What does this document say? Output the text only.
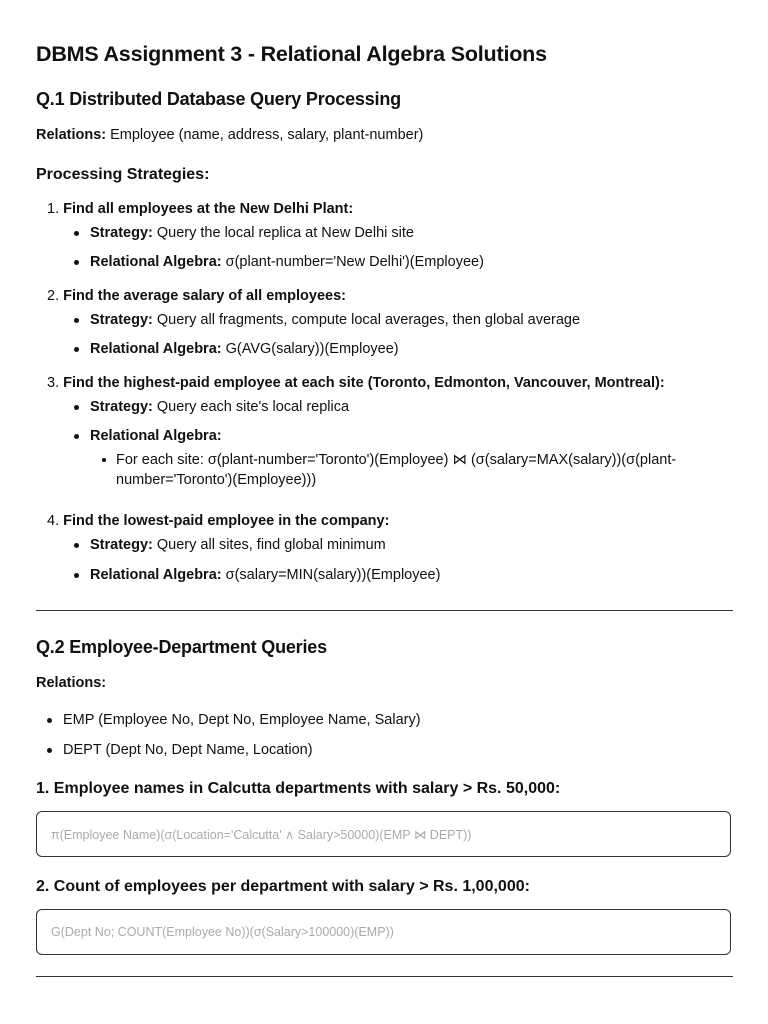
DBMS Assignment 3 - Relational Algebra Solutions
Q.1 Distributed Database Query Processing
Relations: Employee (name, address, salary, plant-number)
Processing Strategies:
1. Find all employees at the New Delhi Plant:
Strategy: Query the local replica at New Delhi site
Relational Algebra: σ(plant-number='New Delhi')(Employee)
2. Find the average salary of all employees:
Strategy: Query all fragments, compute local averages, then global average
Relational Algebra: G(AVG(salary))(Employee)
3. Find the highest-paid employee at each site (Toronto, Edmonton, Vancouver, Montreal):
Strategy: Query each site's local replica
Relational Algebra:
For each site: σ(plant-number='Toronto')(Employee) ⋈ (σ(salary=MAX(salary))(σ(plant-
number='Toronto')(Employee)))
4. Find the lowest-paid employee in the company:
Strategy: Query all sites, find global minimum
Relational Algebra: σ(salary=MIN(salary))(Employee)
Q.2 Employee-Department Queries
Relations:
EMP (Employee No, Dept No, Employee Name, Salary)
DEPT (Dept No, Dept Name, Location)
1. Employee names in Calcutta departments with salary > Rs. 50,000:
π(Employee Name)(σ(Location='Calcutta' ∧ Salary>50000)(EMP ⋈ DEPT))
2. Count of employees per department with salary > Rs. 1,00,000:
G(Dept No; COUNT(Employee No))(σ(Salary>100000)(EMP))
